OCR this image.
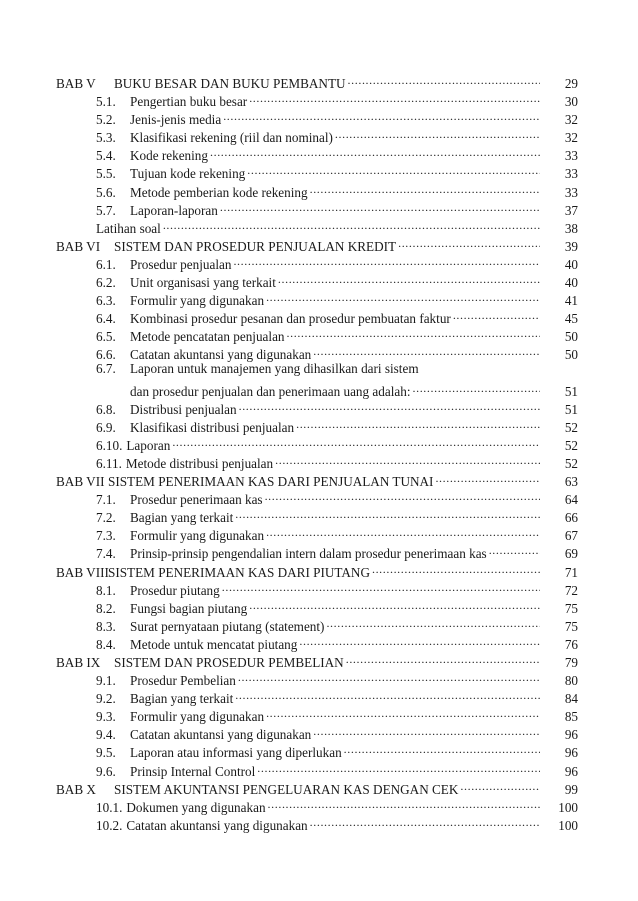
BAB V	BUKU BESAR DAN BUKU PEMBANTU .....	29
5.1.	Pengertian buku besar .....	30
5.2.	Jenis-jenis media .....	32
5.3.	Klasifikasi rekening (riil dan nominal) .....	32
5.4.	Kode rekening .....	33
5.5.	Tujuan kode rekening .....	33
5.6.	Metode pemberian kode rekening .....	33
5.7.	Laporan-laporan .....	37
Latihan soal .....	38
BAB VI	SISTEM DAN PROSEDUR PENJUALAN KREDIT .....	39
6.1.	Prosedur penjualan .....	40
6.2.	Unit organisasi yang terkait .....	40
6.3.	Formulir yang digunakan .....	41
6.4.	Kombinasi prosedur pesanan dan prosedur pembuatan faktur .....	45
6.5.	Metode pencatatan penjualan .....	50
6.6.	Catatan akuntansi yang digunakan .....	50
6.7.	Laporan untuk manajemen yang dihasilkan dari sistem
dan prosedur penjualan dan penerimaan uang adalah: .....	51
6.8.	Distribusi penjualan .....	51
6.9.	Klasifikasi distribusi penjualan .....	52
6.10. Laporan .....	52
6.11. Metode distribusi penjualan .....	52
BAB VII SISTEM PENERIMAAN KAS DARI PENJUALAN TUNAI .....	63
7.1.	Prosedur penerimaan kas .....	64
7.2.	Bagian yang terkait .....	66
7.3.	Formulir yang digunakan .....	67
7.4.	Prinsip-prinsip pengendalian intern dalam prosedur penerimaan kas .....	69
BAB VIII SISTEM PENERIMAAN KAS DARI PIUTANG .....	71
8.1.	Prosedur piutang .....	72
8.2.	Fungsi bagian piutang .....	75
8.3.	Surat pernyataan piutang (statement) .....	75
8.4.	Metode untuk mencatat piutang .....	76
BAB IX	SISTEM DAN PROSEDUR PEMBELIAN .....	79
9.1.	Prosedur Pembelian .....	80
9.2.	Bagian yang terkait .....	84
9.3.	Formulir yang digunakan .....	85
9.4.	Catatan akuntansi yang digunakan .....	96
9.5.	Laporan atau informasi yang diperlukan .....	96
9.6.	Prinsip Internal Control .....	96
BAB X	SISTEM AKUNTANSI PENGELUARAN KAS DENGAN CEK .....	99
10.1. Dokumen yang digunakan .....	100
10.2. Catatan akuntansi yang digunakan .....	100
